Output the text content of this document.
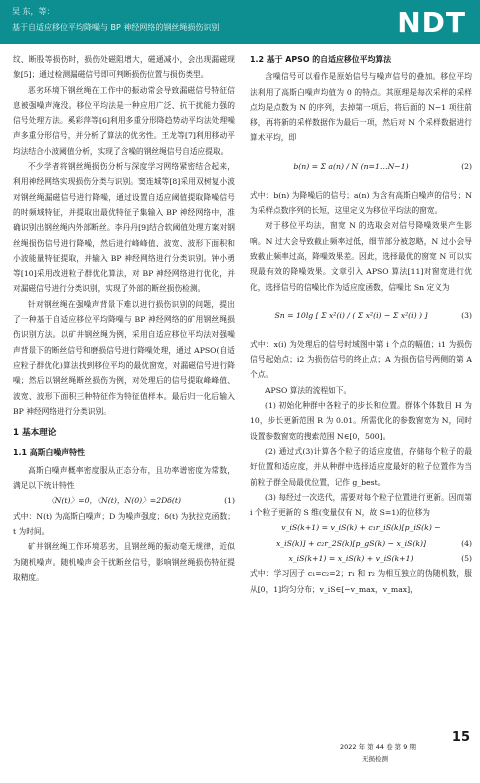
吴 东，等：
基于自适应移位平均降噪与 BP 神经网络的钢丝绳损伤识别	NDT

纹、断股等损伤时，损伤处磁阻增大，磁通减小，会出现漏磁现象[5]；通过检测漏磁信号即可判断损伤位置与损伤类型。

恶劣环境下钢丝绳在工作中的振动常会导致漏磁信号特征信息被强噪声淹没。移位平均法是一种应用广泛、抗干扰能力强的信号处理方法。奚彩萍等[6]利用多重分形降趋势动平均法处理噪声多重分形信号，并分析了算法的优劣性。王龙等[7]利用移动平均法结合小波阈值分析，实现了含噪的钢丝绳信号自适应提取。

不少学者将钢丝绳损伤分析与深度学习网络紧密结合起来，利用神经网络实现损伤分类与识别。窦连城等[8]采用双树复小波对钢丝绳漏磁信号进行降噪，通过设置自适应阈值提取降噪信号的时频域特征，并提取出最优特征子集输入 BP 神经网络中，准确识别出钢丝绳内外部断丝。李丹丹[9]结合软阈值处理方案对钢丝绳损伤信号进行降噪，然后进行峰峰值、波宽、波形下面积和小波能量特征提取，并输入 BP 神经网络进行分类识别。钟小勇等[10]采用改进粒子群优化算法，对 BP 神经网络进行优化，并对漏磁信号进行分类识别，实现了外部的断丝损伤检测。

针对钢丝绳在强噪声背景下难以进行损伤识别的问题，提出了一种基于自适应移位平均降噪与 BP 神经网络的矿用钢丝绳损伤识别方法。以矿井钢丝绳为例，采用自适应移位平均法对强噪声背景下的断丝信号和磨损信号进行降噪处理，通过 APSO(自适应粒子群优化)算法找到移位平均的最优窗宽，对漏磁信号进行降噪；然后以钢丝绳断丝损伤为例，对处理后的信号提取峰峰值、波宽、波形下面积三种特征作为特征值样本。最后归一化后输入 BP 神经网络进行分类识别。

1 基本理论
1.1 高斯白噪声特性

高斯白噪声概率密度服从正态分布，且功率谱密度为常数，满足以下统计特性

〈N(t)〉=0，〈N(t)，N(0)〉=2Dδ(t)	(1)

式中：N(t) 为高斯白噪声；D 为噪声强度；δ(t) 为狄拉克函数；t 为时间。

矿井钢丝绳工作环境恶劣，且钢丝绳的振动毫无规律，近似为随机噪声。随机噪声会干扰断丝信号，影响钢丝绳损伤特征提取精度。

1.2 基于 APSO 的自适应移位平均算法

含噪信号可以看作是原始信号与噪声信号的叠加。移位平均法利用了高斯白噪声均值为 0 的特点。其原理是每次采样的采样点均是点数为 N 的序列，去掉第一项后，将后面的 N−1 项往前移，再将新的采样数据作为最后一项，然后对 N 个采样数据进行算术平均，即

b(n) = Σ a(n) / N (n=1…N−1)	(2)

式中：b(n) 为降噪后的信号；a(n) 为含有高斯白噪声的信号；N 为采样点数序列的长短，这里定义为移位平均法的窗宽。

对于移位平均法，窗宽 N 的选取会对信号降噪效果产生影响。N 过大会导致截止频率过低，细节部分被忽略，N 过小会导致截止频率过高，降噪效果差。因此，选择最优的窗宽 N 可以实现最有效的降噪效果。文章引入 APSO 算法[11]对窗宽进行优化，选择信号的信噪比作为适应度函数，信噪比 Sn 定义为

Sn = 10lg [ Σ x²(i) / ( Σ x²(i) − Σ x²(i) ) ]	(3)

式中：x(i) 为处理后的信号时域图中第 i 个点的幅值；i1 为损伤信号起始点；i2 为损伤信号的终止点；A 为损伤信号两侧的第 A 个点。

APSO 算法的流程如下。

(1) 初始化种群中各粒子的步长和位置。群体个体数目 H 为 10，步长更新范围 R 为 0.01。所需优化的参数窗宽为 N，同时设置参数窗宽的搜索范围 N∈[0，500]。

(2) 通过式(3)计算各个粒子的适应度值，存储每个粒子的最好位置和适应度，并从种群中选择适应度最好的粒子位置作为当前粒子群全局最优位置，记作 g_best。

(3) 每经过一次迭代，需要对每个粒子位置进行更新。因而第 i 个粒子更新的 S 维(变量仅有 N，故 S=1)的位移为

v_iS(k+1) = v_iS(k) + c₁r_iS(k)[p_iS(k) −
x_iS(k)] + c₂r_2S(k)[p_gS(k) − x_iS(k)]	(4)
x_iS(k+1) = x_iS(k) + v_iS(k+1)	(5)

式中：学习因子 c₁=c₂=2；r₁ 和 r₂ 为相互独立的伪随机数，服从[0，1]均匀分布；v_iS∈[−v_max，v_max]，

15
2022 年 第 44 卷 第 9 期
无损检测
